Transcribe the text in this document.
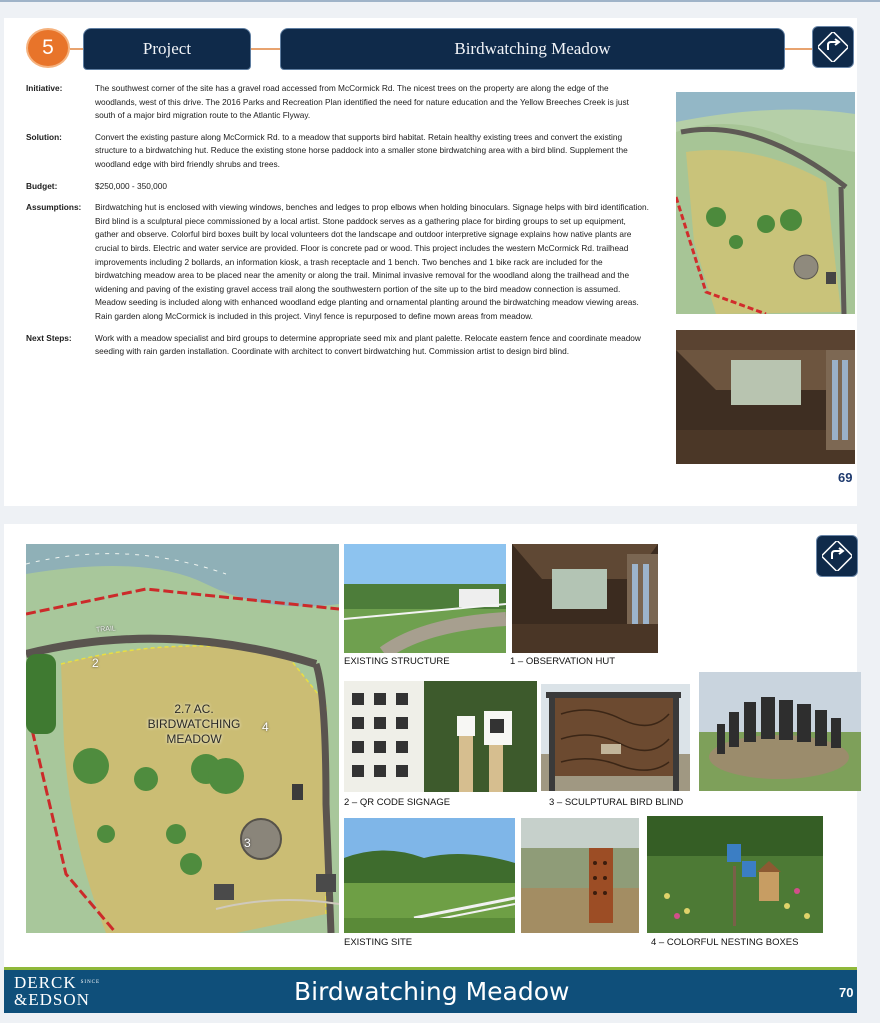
5	Project	Birdwatching Meadow
Initiative:	The southwest corner of the site has a gravel road accessed from McCormick Rd. The nicest trees on the property are along the edge of the woodlands, west of this drive. The 2016 Parks and Recreation Plan identified the need for nature education and the Yellow Breeches Creek is just south of a major bird migration route to the Atlantic Flyway.
Solution:	Convert the existing pasture along McCormick Rd. to a meadow that supports bird habitat. Retain healthy existing trees and convert the existing structure to a birdwatching hut. Reduce the existing stone horse paddock into a smaller stone birdwatching area with a bird blind. Supplement the woodland edge with bird friendly shrubs and trees.
Budget:	$250,000 - 350,000
Assumptions:	Birdwatching hut is enclosed with viewing windows, benches and ledges to prop elbows when holding binoculars. Signage helps with bird identification. Bird blind is a sculptural piece commissioned by a local artist. Stone paddock serves as a gathering place for birding groups to set up equipment, gather and observe. Colorful bird boxes built by local volunteers dot the landscape and outdoor interpretive signage explains how native plants are crucial to birds. Electric and water service are provided. Floor is concrete pad or wood. This project includes the western McCormick Rd. trailhead improvements including 2 bollards, an information kiosk, a trash receptacle and 1 bench. Two benches and 1 bike rack are included for the birdwatching meadow area to be placed near the amenity or along the trail. Minimal invasive removal for the woodland along the trailhead and the widening and paving of the existing gravel access trail along the southwestern portion of the site up to the bird meadow connection is assumed. Meadow seeding is included along with enhanced woodland edge planting and ornamental planting around the birdwatching meadow viewing areas. Rain garden along McCormick is included in this project. Vinyl fence is repurposed to define mown areas from meadow.
Next Steps:	Work with a meadow specialist and bird groups to determine appropriate seed mix and plant palette. Relocate eastern fence and coordinate meadow seeding with rain garden installation. Coordinate with architect to convert birdwatching hut. Commission artist to design bird blind.
69
TRAIL
2
4
3
2.7 AC.
BIRDWATCHING
MEADOW
EXISTING STRUCTURE	1 – OBSERVATION HUT
2 – QR CODE SIGNAGE	3 – SCULPTURAL BIRD BLIND
EXISTING SITE	4 – COLORFUL NESTING BOXES
DERCK $^{SINCE}$
&EDSON	Birdwatching Meadow	70
